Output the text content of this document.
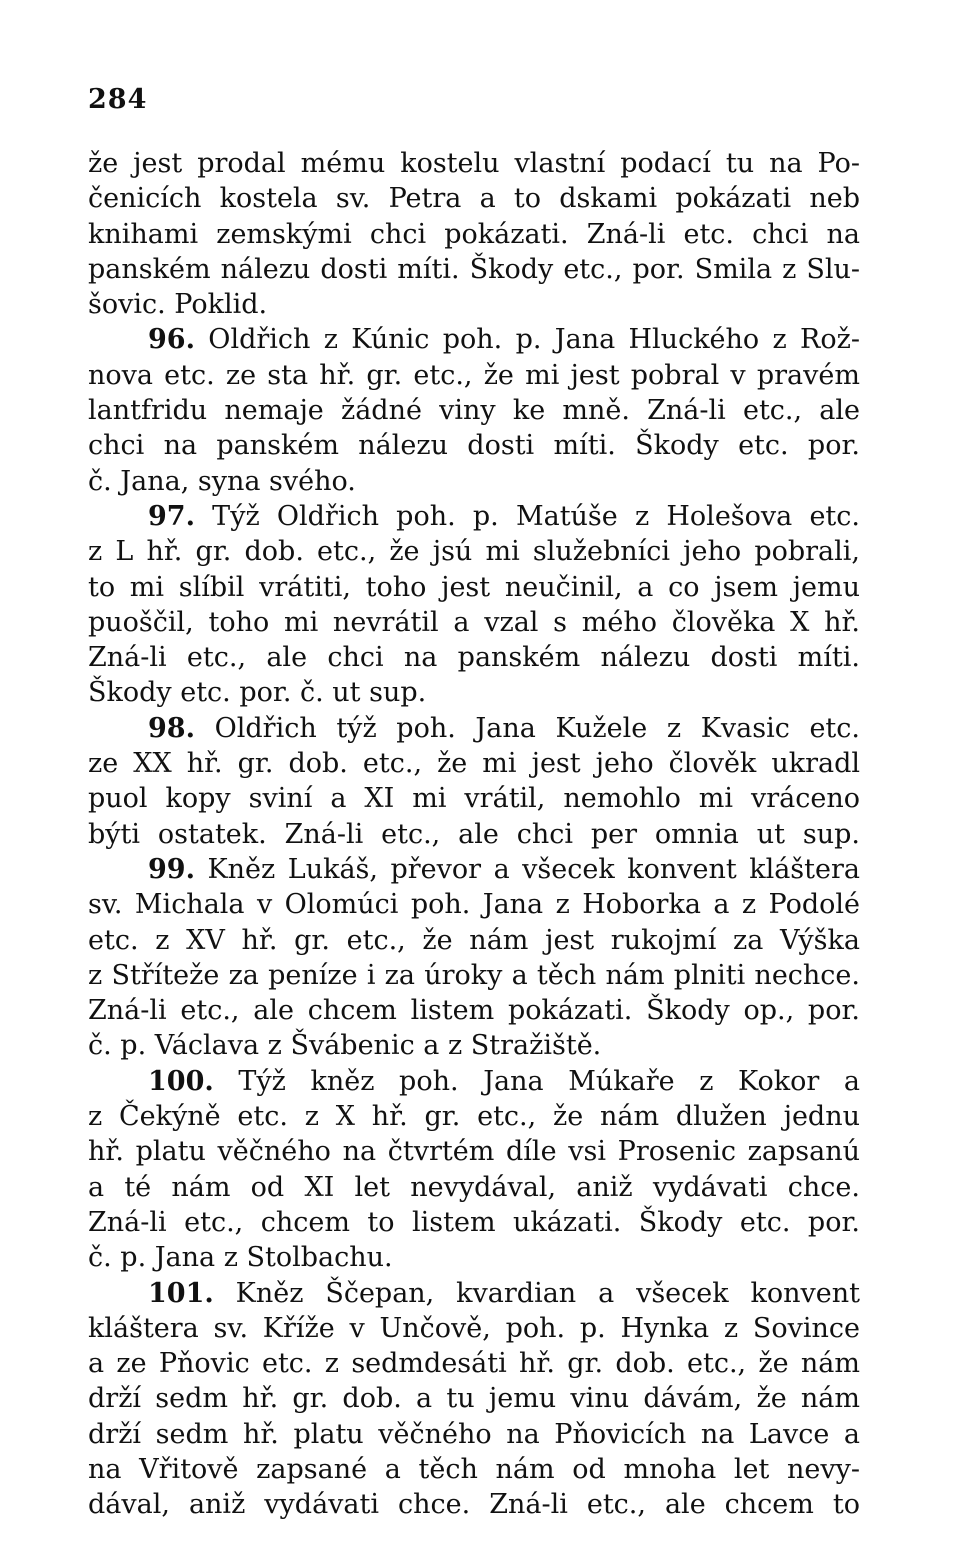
284
že jest prodal mému kostelu vlastní podací tu na Po-
čenicích kostela sv. Petra a to dskami pokázati neb
knihami zemskými chci pokázati. Zná-li etc. chci na
panském nálezu dosti míti. Škody etc., por. Smila z Slu-
šovic. Poklid.
96. Oldřich z Kúnic poh. p. Jana Hluckého z Rož-
nova etc. ze sta hř. gr. etc., že mi jest pobral v pravém
lantfridu nemaje žádné viny ke mně. Zná-li etc., ale
chci na panském nálezu dosti míti. Škody etc. por.
č. Jana, syna svého.
97. Týž Oldřich poh. p. Matúše z Holešova etc.
z L hř. gr. dob. etc., že jsú mi služebníci jeho pobrali,
to mi slíbil vrátiti, toho jest neučinil, a co jsem jemu
puoščil, toho mi nevrátil a vzal s mého člověka X hř.
Zná-li etc., ale chci na panském nálezu dosti míti.
Škody etc. por. č. ut sup.
98. Oldřich týž poh. Jana Kužele z Kvasic etc.
ze XX hř. gr. dob. etc., že mi jest jeho člověk ukradl
puol kopy sviní a XI mi vrátil, nemohlo mi vráceno
býti ostatek. Zná-li etc., ale chci per omnia ut sup.
99. Kněz Lukáš, převor a všecek konvent kláštera
sv. Michala v Olomúci poh. Jana z Hoborka a z Podolé
etc. z XV hř. gr. etc., že nám jest rukojmí za Výška
z Stříteže za peníze i za úroky a těch nám plniti nechce.
Zná-li etc., ale chcem listem pokázati. Škody op., por.
č. p. Václava z Švábenic a z Stražiště.
100. Týž kněz poh. Jana Múkaře z Kokor a
z Čekýně etc. z X hř. gr. etc., že nám dlužen jednu
hř. platu věčného na čtvrtém díle vsi Prosenic zapsanú
a té nám od XI let nevydával, aniž vydávati chce.
Zná-li etc., chcem to listem ukázati. Škody etc. por.
č. p. Jana z Stolbachu.
101. Kněz Ščepan, kvardian a všecek konvent
kláštera sv. Kříže v Unčově, poh. p. Hynka z Sovince
a ze Pňovic etc. z sedmdesáti hř. gr. dob. etc., že nám
drží sedm hř. gr. dob. a tu jemu vinu dávám, že nám
drží sedm hř. platu věčného na Pňovicích na Lavce a
na Vřitově zapsané a těch nám od mnoha let nevy-
dával, aniž vydávati chce. Zná-li etc., ale chcem to
